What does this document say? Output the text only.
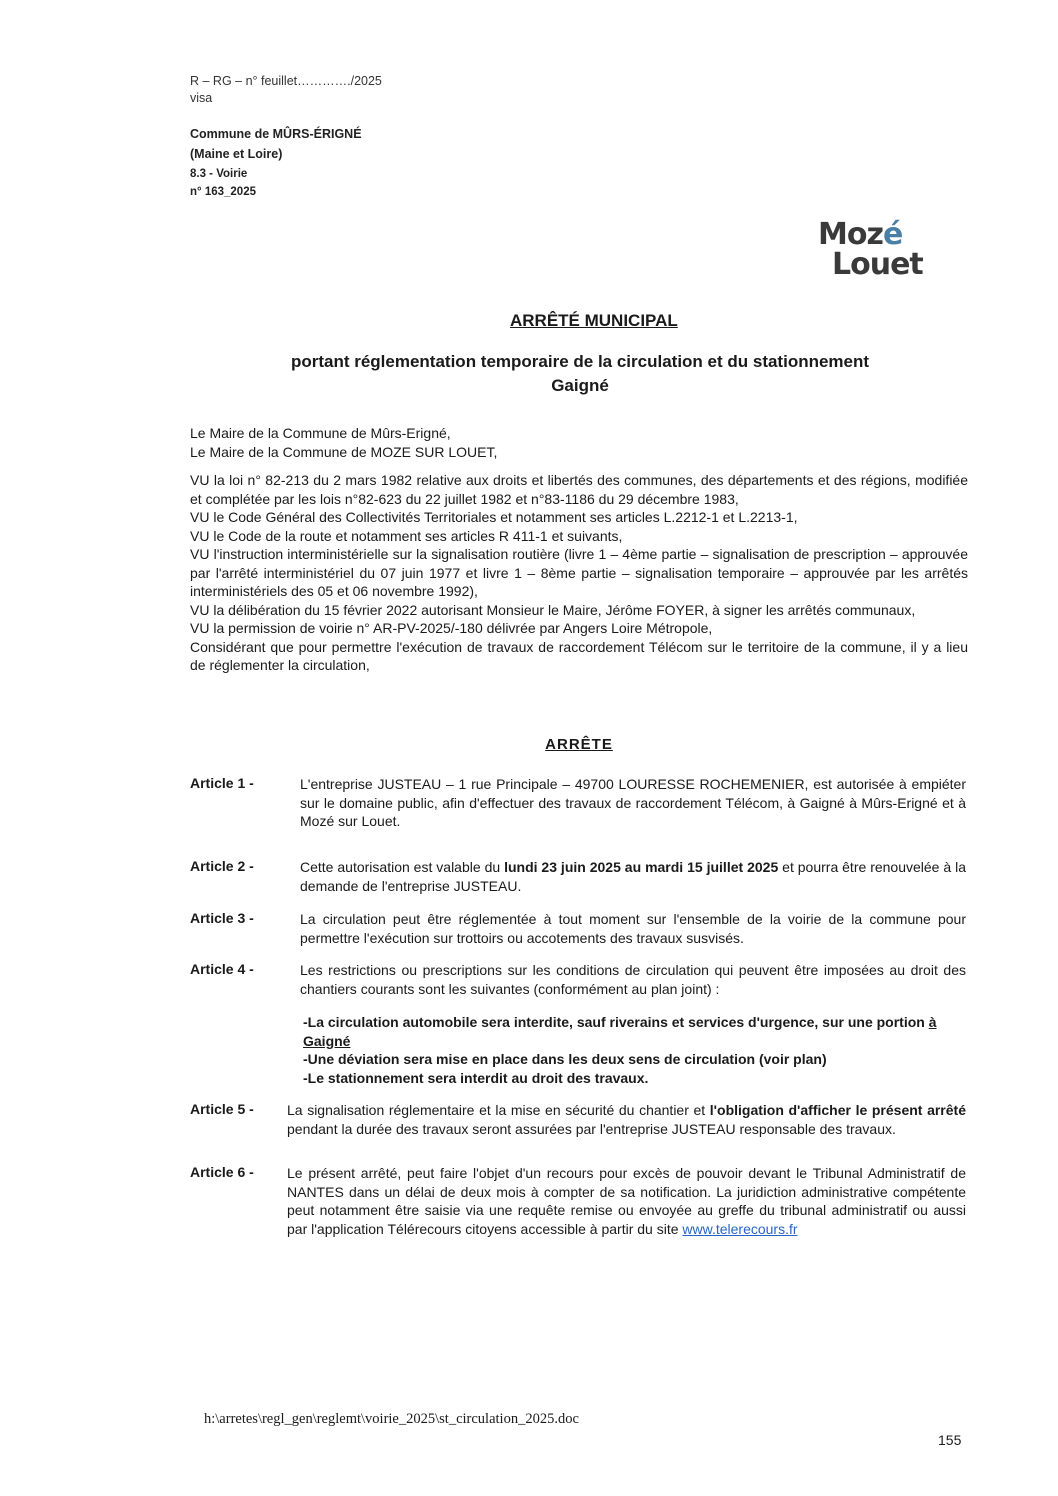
R – RG – n° feuillet…………./2025
visa
Commune de MÛRS-ÉRIGNÉ
(Maine et Loire)
8.3 - Voirie
n° 163_2025
Mozé
Louet
ARRÊTÉ MUNICIPAL
portant réglementation temporaire de la circulation et du stationnement
Gaigné

Le Maire de la Commune de Mûrs-Erigné,

Le Maire de la Commune de MOZE SUR LOUET,

VU la loi n° 82-213 du 2 mars 1982 relative aux droits et libertés des communes, des départements et des régions, modifiée et complétée par les lois n°82-623 du 22 juillet 1982 et n°83-1186 du 29 décembre 1983,

VU le Code Général des Collectivités Territoriales et notamment ses articles L.2212-1 et L.2213-1,

VU le Code de la route et notamment ses articles R 411-1 et suivants,

VU l'instruction interministérielle sur la signalisation routière (livre 1 – 4ème partie – signalisation de prescription – approuvée par l'arrêté interministériel du 07 juin 1977 et livre 1 – 8ème partie – signalisation temporaire – approuvée par les arrêtés interministériels des 05 et 06 novembre 1992),

VU la délibération du 15 février 2022 autorisant Monsieur le Maire, Jérôme FOYER, à signer les arrêtés communaux,

VU la permission de voirie n° AR-PV-2025/-180 délivrée par Angers Loire Métropole,

Considérant que pour permettre l'exécution de travaux de raccordement Télécom sur le territoire de la commune, il y a lieu de réglementer la circulation,

ARRÊTE
Article 1 -	L'entreprise JUSTEAU – 1 rue Principale – 49700 LOURESSE ROCHEMENIER, est autorisée à empiéter sur le domaine public, afin d'effectuer des travaux de raccordement Télécom, à Gaigné à Mûrs-Erigné et à Mozé sur Louet.
Article 2 -	Cette autorisation est valable du lundi 23 juin 2025 au mardi 15 juillet 2025 et pourra être renouvelée à la demande de l'entreprise JUSTEAU.
Article 3 -	La circulation peut être réglementée à tout moment sur l'ensemble de la voirie de la commune pour permettre l'exécution sur trottoirs ou accotements des travaux susvisés.
Article 4 -	Les restrictions ou prescriptions sur les conditions de circulation qui peuvent être imposées au droit des chantiers courants sont les suivantes (conformément au plan joint) :
-La circulation automobile sera interdite, sauf riverains et services d'urgence, sur une portion à Gaigné
-Une déviation sera mise en place dans les deux sens de circulation (voir plan)
-Le stationnement sera interdit au droit des travaux.
Article 5 - La signalisation réglementaire et la mise en sécurité du chantier et l'obligation d'afficher le présent arrêté pendant la durée des travaux seront assurées par l'entreprise JUSTEAU responsable des travaux.
Article 6 - Le présent arrêté, peut faire l'objet d'un recours pour excès de pouvoir devant le Tribunal Administratif de NANTES dans un délai de deux mois à compter de sa notification. La juridiction administrative compétente peut notamment être saisie via une requête remise ou envoyée au greffe du tribunal administratif ou aussi par l'application Télérecours citoyens accessible à partir du site www.telerecours.fr
h:\arretes\regl_gen\reglemt\voirie_2025\st_circulation_2025.doc
155
